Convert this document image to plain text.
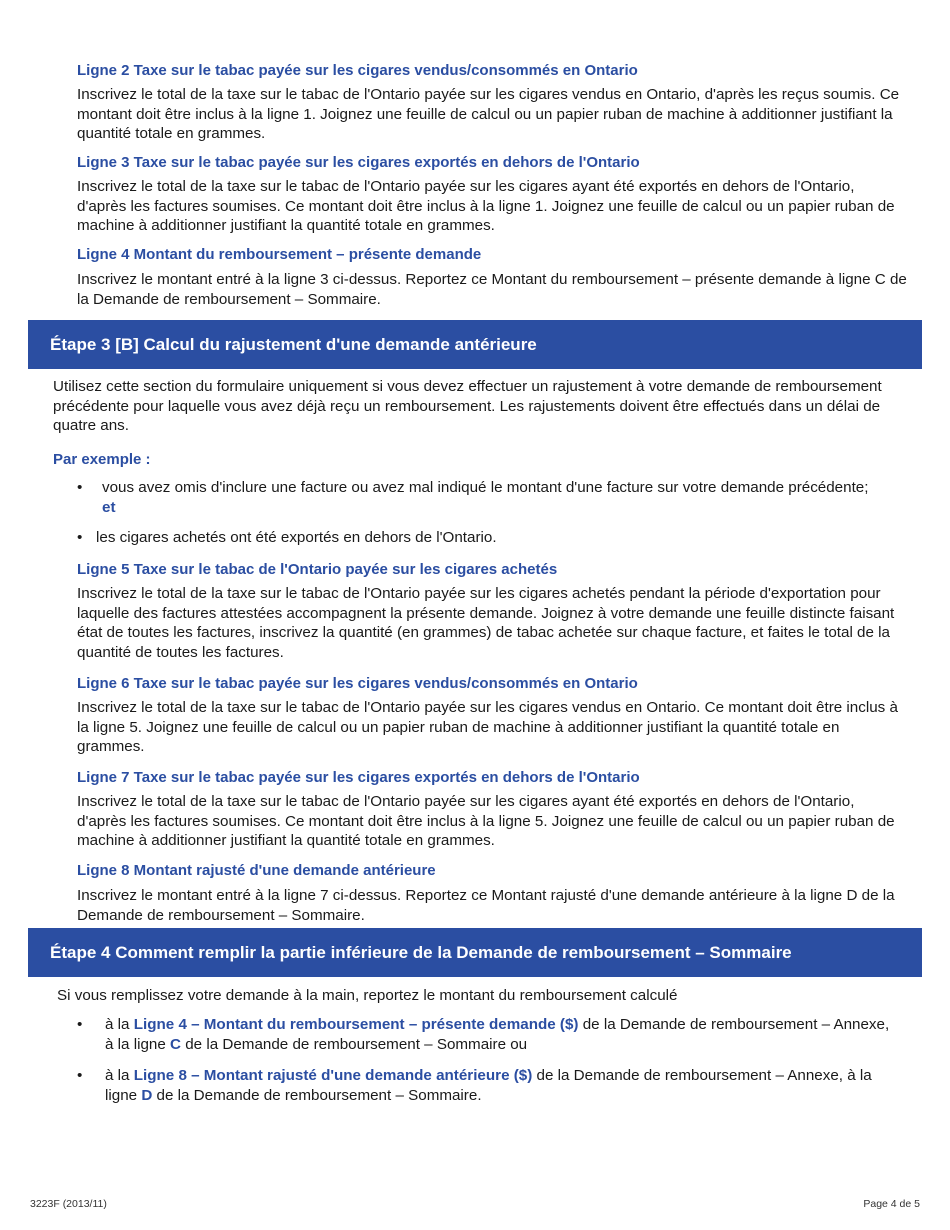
Ligne 2 Taxe sur le tabac payée sur les cigares vendus/consommés en Ontario
Inscrivez le total de la taxe sur le tabac de l'Ontario payée sur les cigares vendus en Ontario, d'après les reçus soumis. Ce montant doit être inclus à la ligne 1. Joignez une feuille de calcul ou un papier ruban de machine à additionner justifiant la quantité totale en grammes.
Ligne 3 Taxe sur le tabac payée sur les cigares exportés en dehors de l'Ontario
Inscrivez le total de la taxe sur le tabac de l'Ontario payée sur les cigares ayant été exportés en dehors de l'Ontario, d'après les factures soumises. Ce montant doit être inclus à la ligne 1. Joignez une feuille de calcul ou un papier ruban de machine à additionner justifiant la quantité totale en grammes.
Ligne 4 Montant du remboursement – présente demande
Inscrivez le montant entré à la ligne 3 ci-dessus. Reportez ce Montant du remboursement – présente demande à ligne C de la Demande de remboursement – Sommaire.
Étape 3 [B] Calcul du rajustement d'une demande antérieure
Utilisez cette section du formulaire uniquement si vous devez effectuer un rajustement à votre demande de remboursement précédente pour laquelle vous avez déjà reçu un remboursement. Les rajustements doivent être effectués dans un délai de quatre ans.
Par exemple :
•	vous avez omis d'inclure une facture ou avez mal indiqué le montant d'une facture sur votre demande précédente; et
• les cigares achetés ont été exportés en dehors de l'Ontario.
Ligne 5 Taxe sur le tabac de l'Ontario payée sur les cigares achetés
Inscrivez le total de la taxe sur le tabac de l'Ontario payée sur les cigares achetés pendant la période d'exportation pour laquelle des factures attestées accompagnent la présente demande. Joignez à votre demande une feuille distincte faisant état de toutes les factures, inscrivez la quantité (en grammes) de tabac achetée sur chaque facture, et faites le total de la quantité de toutes les factures.
Ligne 6 Taxe sur le tabac payée sur les cigares vendus/consommés en Ontario
Inscrivez le total de la taxe sur le tabac de l'Ontario payée sur les cigares vendus en Ontario. Ce montant doit être inclus à la ligne 5. Joignez une feuille de calcul ou un papier ruban de machine à additionner justifiant la quantité totale en grammes.
Ligne 7 Taxe sur le tabac payée sur les cigares exportés en dehors de l'Ontario
Inscrivez le total de la taxe sur le tabac de l'Ontario payée sur les cigares ayant été exportés en dehors de l'Ontario, d'après les factures soumises. Ce montant doit être inclus à la ligne 5. Joignez une feuille de calcul ou un papier ruban de machine à additionner justifiant la quantité totale en grammes.
Ligne 8 Montant rajusté d'une demande antérieure
Inscrivez le montant entré à la ligne 7 ci-dessus. Reportez ce Montant rajusté d'une demande antérieure à la ligne D de la Demande de remboursement – Sommaire.
Étape 4 Comment remplir la partie inférieure de la Demande de remboursement – Sommaire
Si vous remplissez votre demande à la main, reportez le montant du remboursement calculé
•	à la Ligne 4 – Montant du remboursement – présente demande ($) de la Demande de remboursement – Annexe, à la ligne C de la Demande de remboursement – Sommaire ou
•	à la Ligne 8 – Montant rajusté d'une demande antérieure ($) de la Demande de remboursement – Annexe, à la ligne D de la Demande de remboursement – Sommaire.
3223F (2013/11)	Page 4 de 5
